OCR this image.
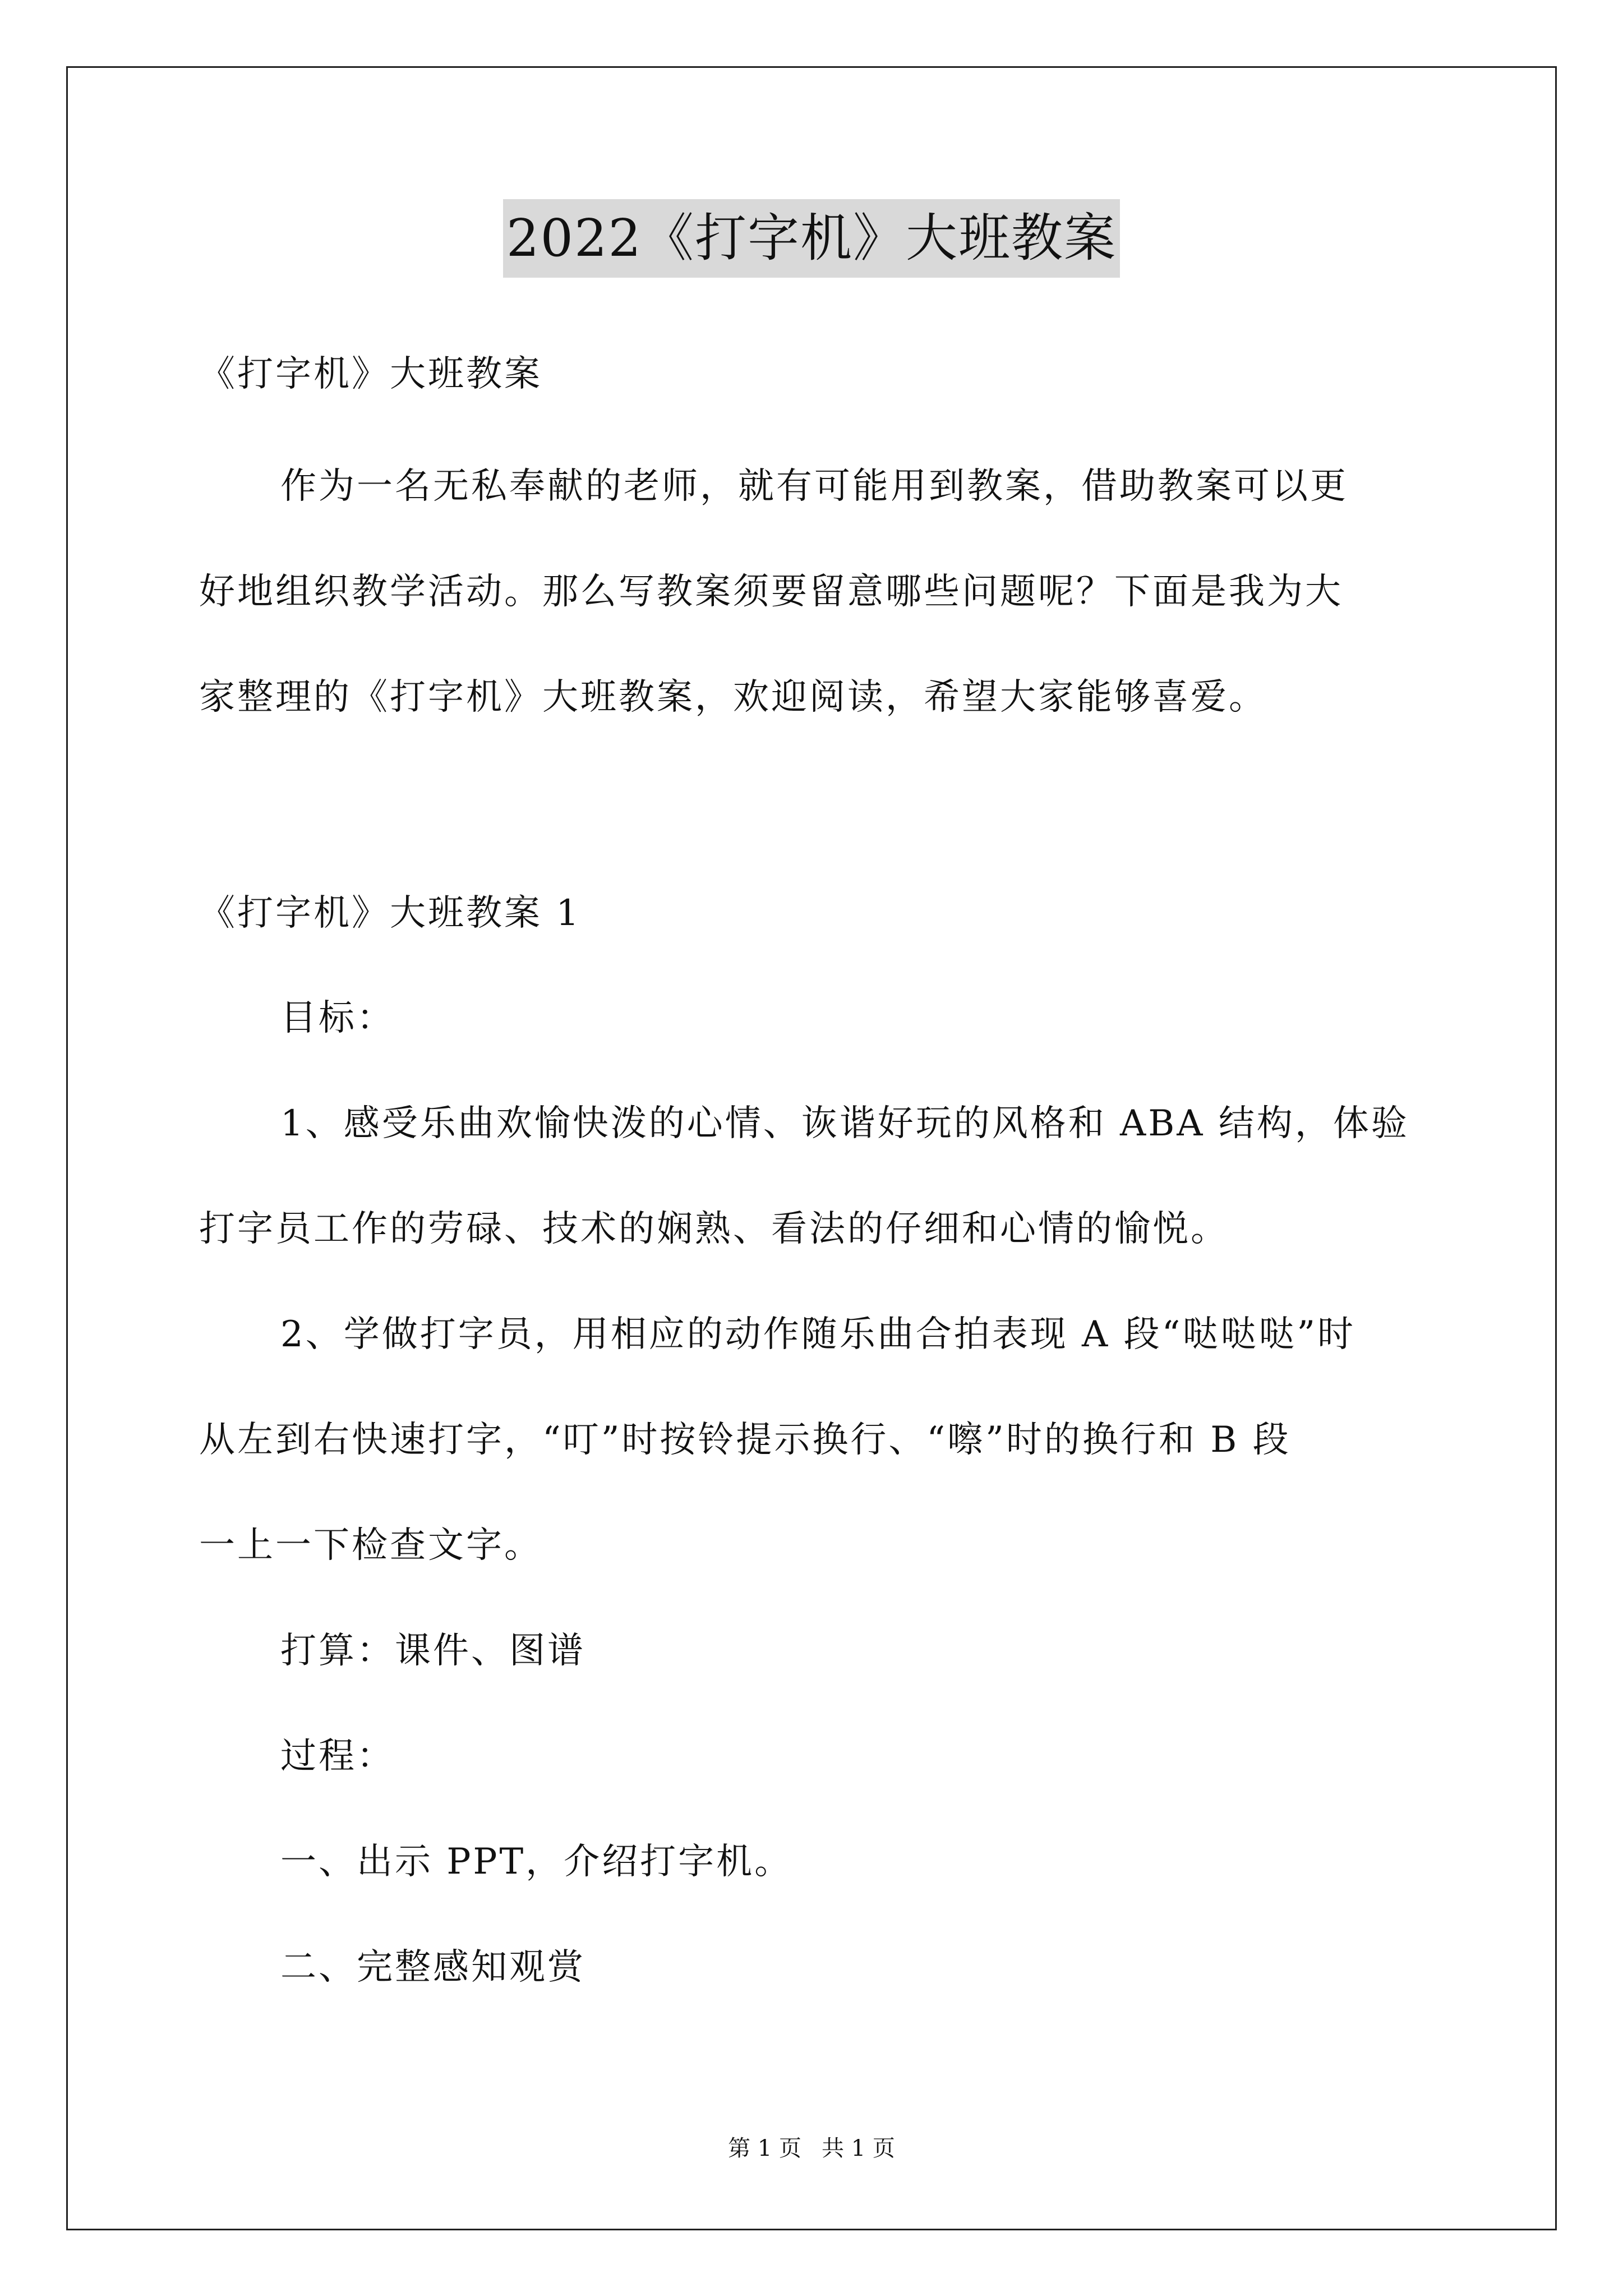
2022《打字机》大班教案
《打字机》大班教案
作为一名无私奉献的老师，就有可能用到教案，借助教案可以更
好地组织教学活动。那么写教案须要留意哪些问题呢？下面是我为大
家整理的《打字机》大班教案，欢迎阅读，希望大家能够喜爱。
《打字机》大班教案 1
目标：
1、感受乐曲欢愉快泼的心情、诙谐好玩的风格和 ABA 结构，体验
打字员工作的劳碌、技术的娴熟、看法的仔细和心情的愉悦。
2、学做打字员，用相应的动作随乐曲合拍表现 A 段“哒哒哒”时
从左到右快速打字，“叮”时按铃提示换行、“嚓”时的换行和 B 段
一上一下检查文字。
打算：课件、图谱
过程：
一、出示 PPT，介绍打字机。
二、完整感知观赏
第 1 页 共 1 页
